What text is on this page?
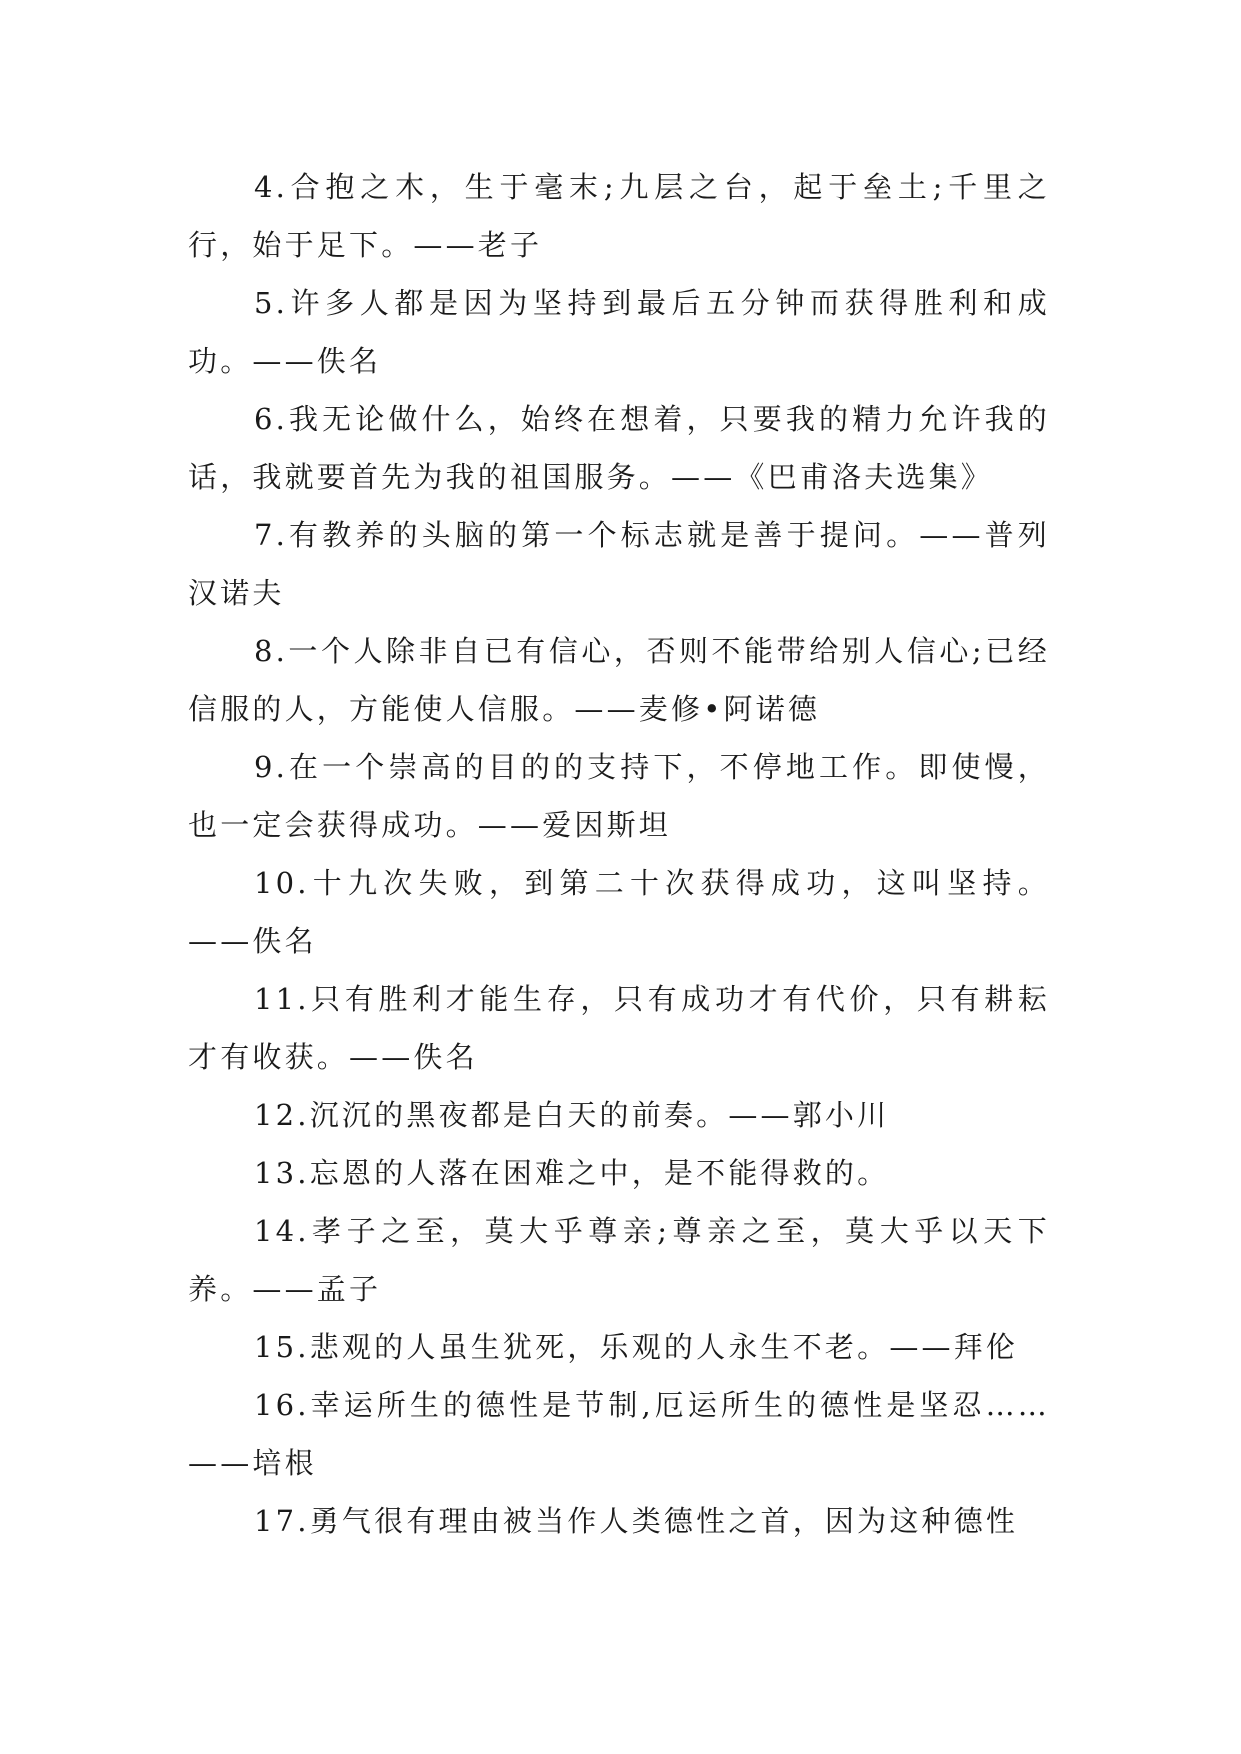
4.合抱之木，生于毫末;九层之台，起于垒土;千里之行，始于足下。——老子

5.许多人都是因为坚持到最后五分钟而获得胜利和成功。——佚名

6.我无论做什么，始终在想着，只要我的精力允许我的话，我就要首先为我的祖国服务。——《巴甫洛夫选集》

7.有教养的头脑的第一个标志就是善于提问。——普列汉诺夫

8.一个人除非自已有信心，否则不能带给别人信心;已经信服的人，方能使人信服。——麦修•阿诺德

9.在一个崇高的目的的支持下，不停地工作。即使慢，也一定会获得成功。——爱因斯坦

10.十九次失败，到第二十次获得成功，这叫坚持。——佚名

11.只有胜利才能生存，只有成功才有代价，只有耕耘才有收获。——佚名

12.沉沉的黑夜都是白天的前奏。——郭小川

13.忘恩的人落在困难之中，是不能得救的。

14.孝子之至，莫大乎尊亲;尊亲之至，莫大乎以天下养。——孟子

15.悲观的人虽生犹死，乐观的人永生不老。——拜伦

16.幸运所生的德性是节制,厄运所生的德性是坚忍……——培根

17.勇气很有理由被当作人类德性之首，因为这种德性
